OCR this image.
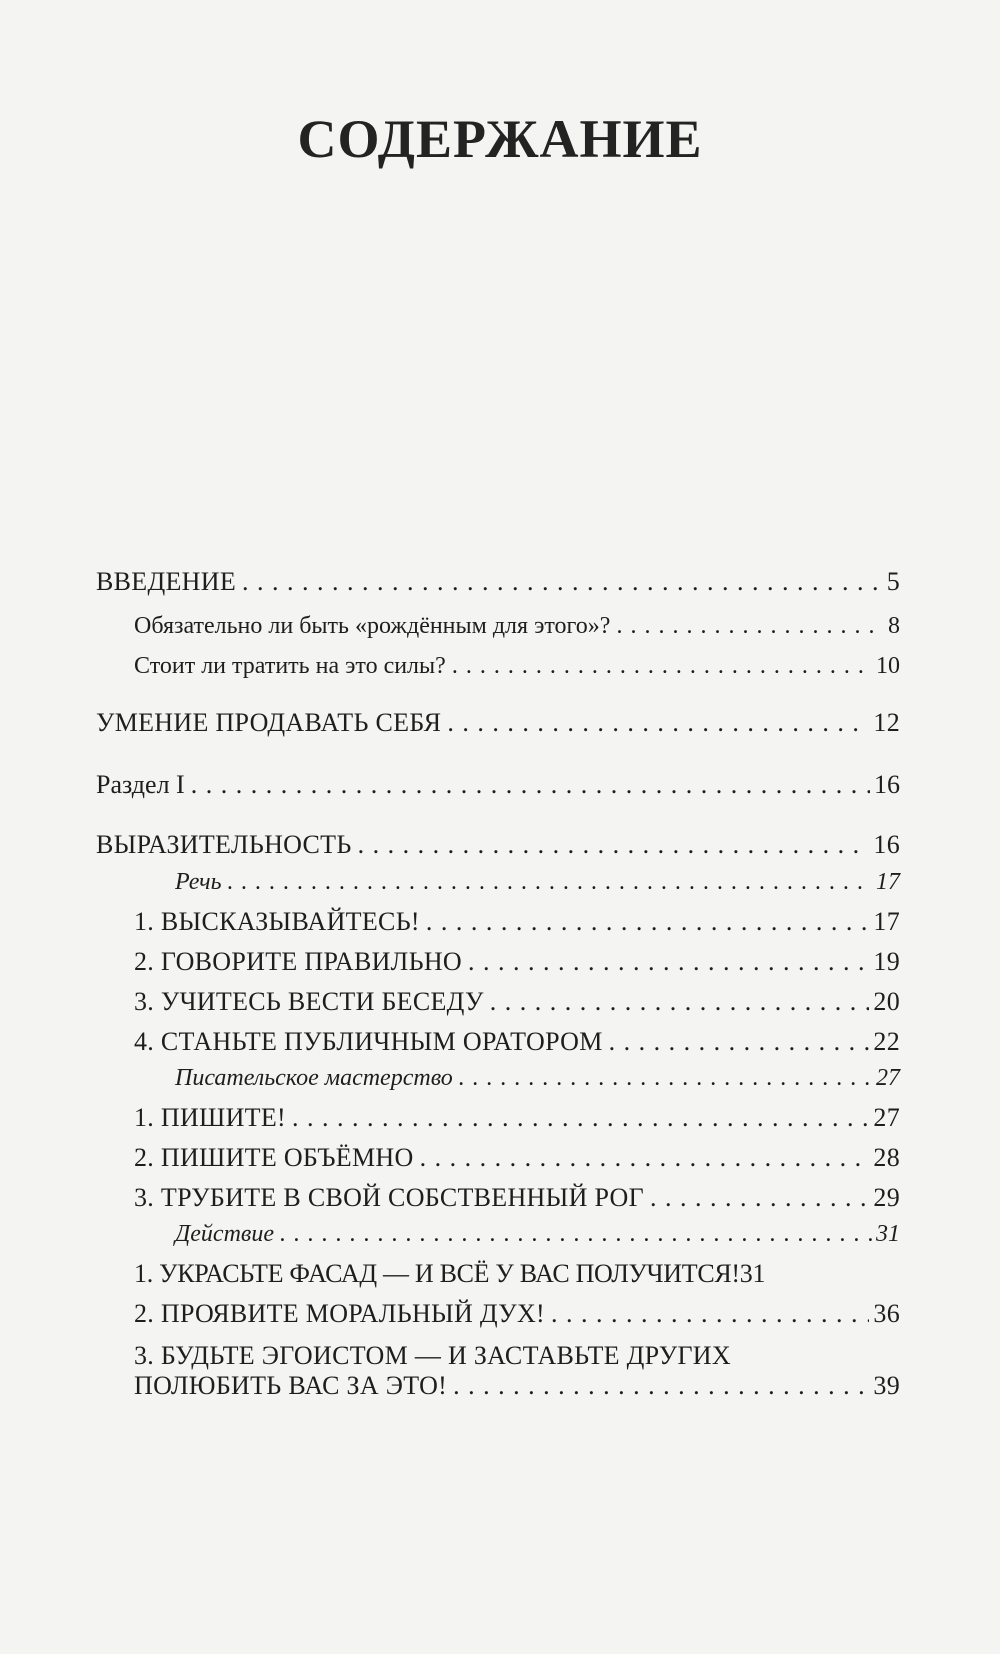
СОДЕРЖАНИЕ
ВВЕДЕНИЕ . . .	5
Обязательно ли быть «рождённым для этого»? . . .	8
Стоит ли тратить на это силы? . . .	10
УМЕНИЕ ПРОДАВАТЬ СЕБЯ . . .	12
Раздел I . . .	16
ВЫРАЗИТЕЛЬНОСТЬ . . .	16
Речь . . .	17
1. ВЫСКАЗЫВАЙТЕСЬ! . . .	17
2. ГОВОРИТЕ ПРАВИЛЬНО . . .	19
3. УЧИТЕСЬ ВЕСТИ БЕСЕДУ . . .	20
4. СТАНЬТЕ ПУБЛИЧНЫМ ОРАТОРОМ . . .	22
Писательское мастерство . . .	27
1. ПИШИТЕ! . . .	27
2. ПИШИТЕ ОБЪЁМНО . . .	28
3. ТРУБИТЕ В СВОЙ СОБСТВЕННЫЙ РОГ . . .	29
Действие . . .	31
1. УКРАСЬТЕ ФАСАД — И ВСЁ У ВАС ПОЛУЧИТСЯ! 31
2. ПРОЯВИТЕ МОРАЛЬНЫЙ ДУХ! . . .	36
3. БУДЬТЕ ЭГОИСТОМ — И ЗАСТАВЬТЕ ДРУГИХ
ПОЛЮБИТЬ ВАС ЗА ЭТО! . . .	39
